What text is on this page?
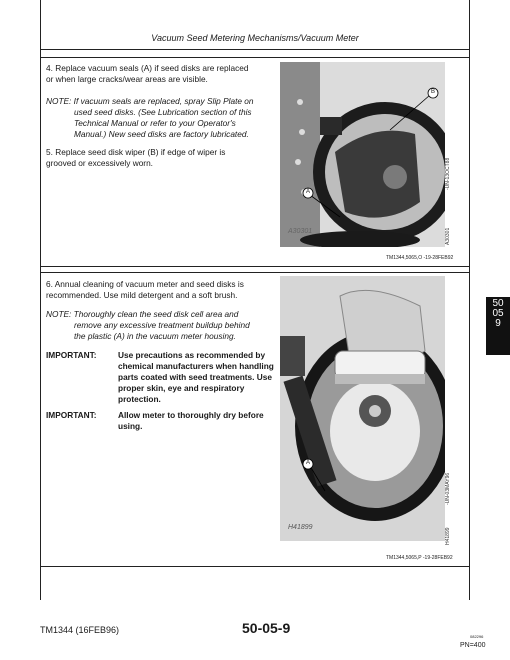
Vacuum Seed Metering Mechanisms/Vacuum Meter
4. Replace vacuum seals (A) if seed disks are replaced
or when large cracks/wear areas are visible.
NOTE: If vacuum seals are replaced, spray Slip Plate on
used seed disks. (See Lubrication section of this
Technical Manual or refer to your Operator's
Manual.) New seed disks are factory lubricated.
5. Replace seed disk wiper (B) if edge of wiper is
grooved or excessively worn.
B
A
A30301
-UN-13OCT88
A30301
TM1344,5065,O -19-28FEB92
6. Annual cleaning of vacuum meter and seed disks is
recommended. Use mild detergent and a soft brush.
NOTE: Thoroughly clean the seed disk cell area and
remove any excessive treatment buildup behind
the plastic (A) in the vacuum meter housing.
IMPORTANT:	Use precautions as recommended by
chemical manufacturers when handling
parts coated with seed treatments. Use
proper skin, eye and respiratory
protection.
IMPORTANT:	Allow meter to thoroughly dry before
using.
A
H41899
-UN-03MAY96
H41899
TM1344,5065,P -19-28FEB92
50
05
9
TM1344 (16FEB96)	50-05-9
082296
PN=400
